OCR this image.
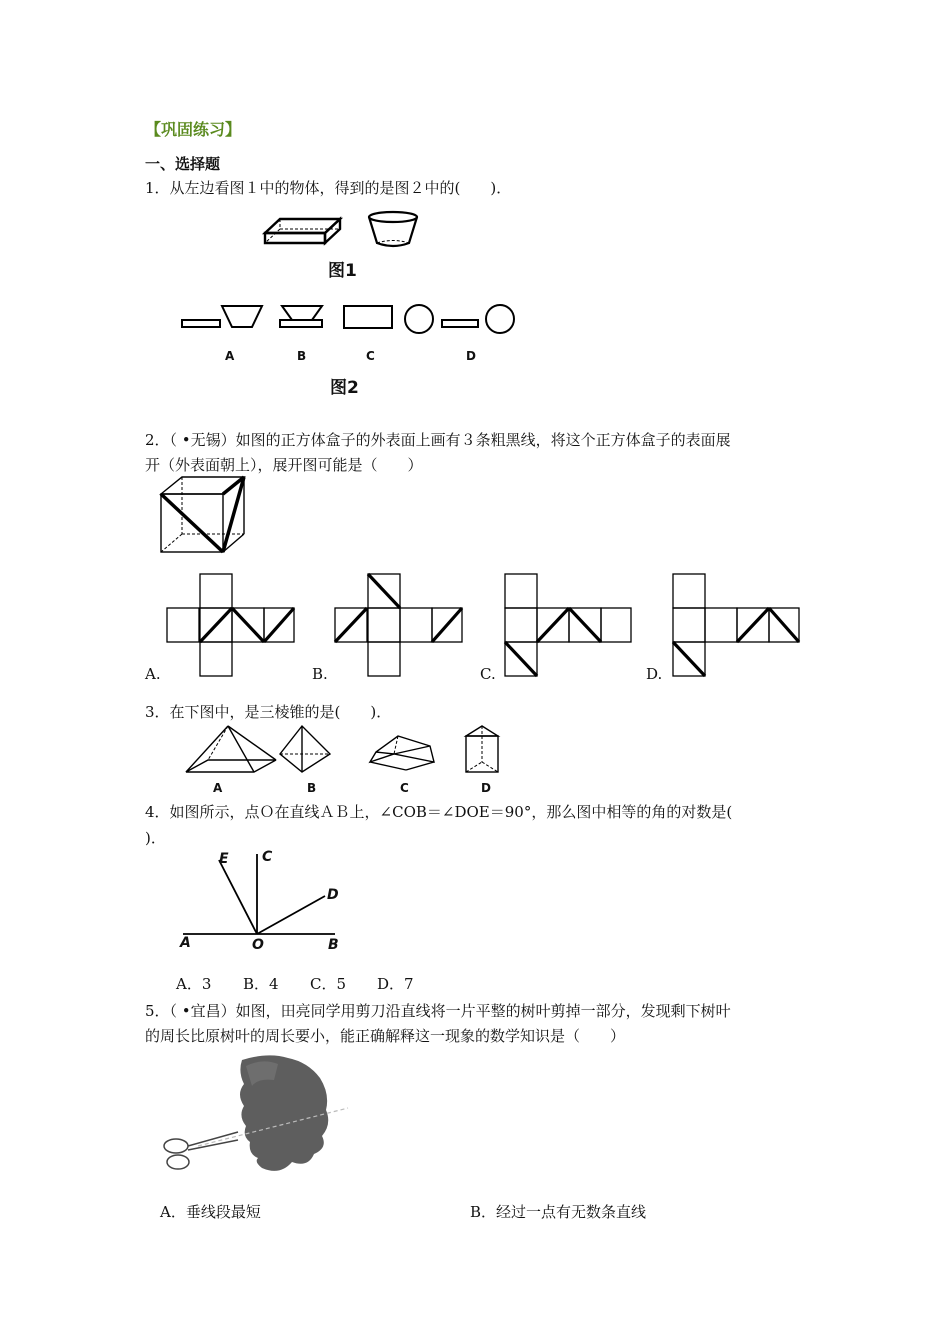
【巩固练习】
一、选择题
1．从左边看图１中的物体，得到的是图２中的(　　)．
图1
A	B	C	D
图2
2．（ •无锡）如图的正方体盒子的外表面上画有３条粗黑线，将这个正方体盒子的表面展
开（外表面朝上），展开图可能是（　　）
A.	B.	C.	D.
3．在下图中，是三棱锥的是(　　)．
A	B	C	D
4．如图所示，点Ｏ在直线ＡＢ上，∠COB＝∠DOE＝90°，那么图中相等的角的对数是(
)．
E C
D
A	O	B
A．3 B．4 C．5 D．7
5．（ •宜昌）如图，田亮同学用剪刀沿直线将一片平整的树叶剪掉一部分，发现剩下树叶
的周长比原树叶的周长要小，能正确解释这一现象的数学知识是（　　）
A．垂线段最短	B．经过一点有无数条直线
